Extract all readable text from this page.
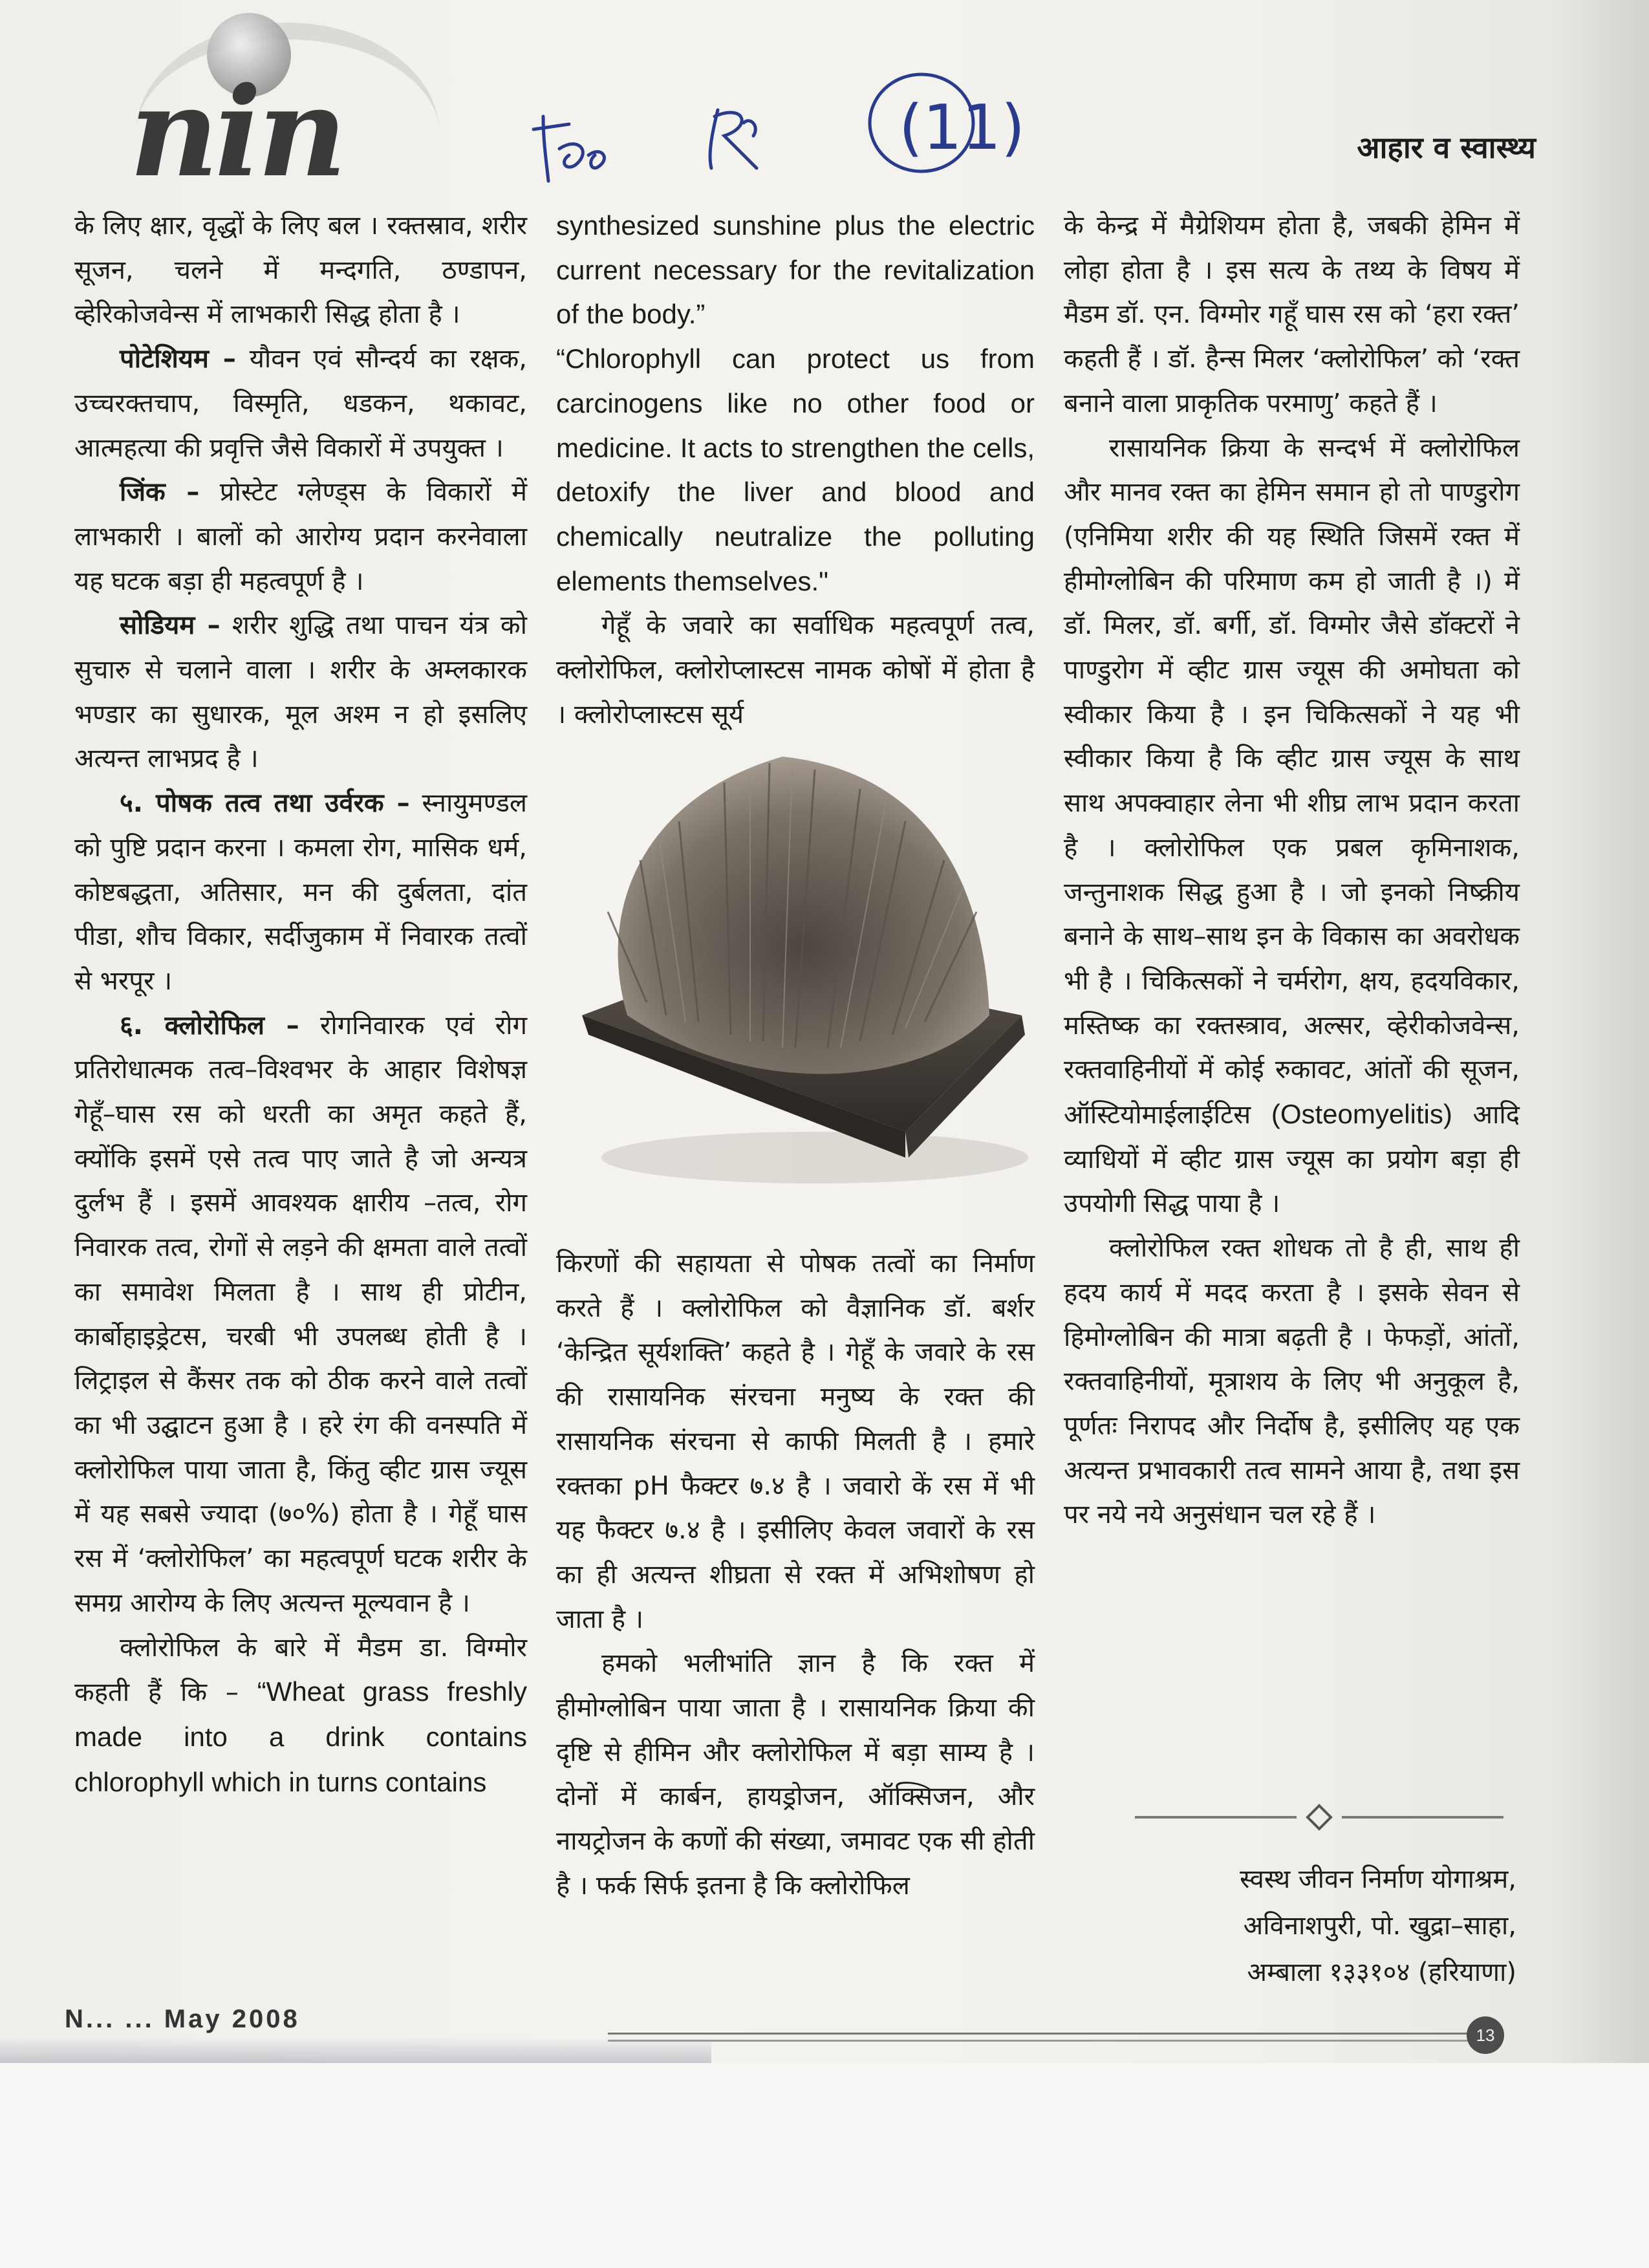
nin	(11)	आहार व स्वास्थ्य

के लिए क्षार, वृद्धों के लिए बल । रक्तस्राव, शरीर सूजन, चलने में मन्दगति, ठण्डापन, व्हेरिकोजवेन्स में लाभकारी सिद्ध होता है ।

पोटेशियम – यौवन एवं सौन्दर्य का रक्षक, उच्चरक्तचाप, विस्मृति, धडकन, थकावट, आत्महत्या की प्रवृत्ति जैसे विकारों में उपयुक्त ।

जिंक – प्रोस्टेट ग्लेण्ड्स के विकारों में लाभकारी । बालों को आरोग्य प्रदान करनेवाला यह घटक बड़ा ही महत्वपूर्ण है ।

सोडियम – शरीर शुद्धि तथा पाचन यंत्र को सुचारु से चलाने वाला । शरीर के अम्लकारक भण्डार का सुधारक, मूल अश्म न हो इसलिए अत्यन्त लाभप्रद है ।

५. पोषक तत्व तथा उर्वरक – स्नायुमण्डल को पुष्टि प्रदान करना । कमला रोग, मासिक धर्म, कोष्टबद्धता, अतिसार, मन की दुर्बलता, दांत पीडा, शौच विकार, सर्दीजुकाम में निवारक तत्वों से भरपूर ।

६. क्लोरोफिल – रोगनिवारक एवं रोग प्रतिरोधात्मक तत्व–विश्वभर के आहार विशेषज्ञ गेहूँ–घास रस को धरती का अमृत कहते हैं, क्योंकि इसमें एसे तत्व पाए जाते है जो अन्यत्र दुर्लभ हैं । इसमें आवश्यक क्षारीय –तत्व, रोग निवारक तत्व, रोगों से लड़ने की क्षमता वाले तत्वों का समावेश मिलता है । साथ ही प्रोटीन, कार्बोहाइड्रेटस, चरबी भी उपलब्ध होती है । लिट्राइल से कैंसर तक को ठीक करने वाले तत्वों का भी उद्घाटन हुआ है । हरे रंग की वनस्पति में क्लोरोफिल पाया जाता है, किंतु व्हीट ग्रास ज्यूस में यह सबसे ज्यादा (७०%) होता है । गेहूँ घास रस में ‘क्लोरोफिल’ का महत्वपूर्ण घटक शरीर के समग्र आरोग्य के लिए अत्यन्त मूल्यवान है ।

क्लोरोफिल के बारे में मैडम डा. विग्मोर कहती हैं कि – “Wheat grass freshly made into a drink contains chlorophyll which in turns contains

synthesized sunshine plus the electric current necessary for the revitalization of the body.”

“Chlorophyll can protect us from carcinogens like no other food or medicine. It acts to strengthen the cells, detoxify the liver and blood and chemically neutralize the polluting elements themselves."

गेहूँ के जवारे का सर्वाधिक महत्वपूर्ण तत्व, क्लोरोफिल, क्लोरोप्लास्टस नामक कोषों में होता है । क्लोरोप्लास्टस सूर्य

किरणों की सहायता से पोषक तत्वों का निर्माण करते हैं । क्लोरोफिल को वैज्ञानिक डॉ. बर्शर ‘केन्द्रित सूर्यशक्ति’ कहते है । गेहूँ के जवारे के रस की रासायनिक संरचना मनुष्य के रक्त की रासायनिक संरचना से काफी मिलती है । हमारे रक्तका pH फैक्टर ७.४ है । जवारो कें रस में भी यह फैक्टर ७.४ है । इसीलिए केवल जवारों के रस का ही अत्यन्त शीघ्रता से रक्त में अभिशोषण हो जाता है ।

हमको भलीभांति ज्ञान है कि रक्त में हीमोग्लोबिन पाया जाता है । रासायनिक क्रिया की दृष्टि से हीमिन और क्लोरोफिल में बड़ा साम्य है । दोनों में कार्बन, हायड्रोजन, ऑक्सिजन, और नायट्रोजन के कणों की संख्या, जमावट एक सी होती है । फर्क सिर्फ इतना है कि क्लोरोफिल

के केन्द्र में मैग्रेशियम होता है, जबकी हेमिन में लोहा होता है । इस सत्य के तथ्य के विषय में मैडम डॉ. एन. विग्मोर गहूँ घास रस को ‘हरा रक्त’ कहती हैं । डॉ. हैन्स मिलर ‘क्लोरोफिल’ को ‘रक्त बनाने वाला प्राकृतिक परमाणु’ कहते हैं ।

रासायनिक क्रिया के सन्दर्भ में क्लोरोफिल और मानव रक्त का हेमिन समान हो तो पाण्डुरोग (एनिमिया शरीर की यह स्थिति जिसमें रक्त में हीमोग्लोबिन की परिमाण कम हो जाती है ।) में डॉ. मिलर, डॉ. बर्गी, डॉ. विग्मोर जैसे डॉक्टरों ने पाण्डुरोग में व्हीट ग्रास ज्यूस की अमोघता को स्वीकार किया है । इन चिकित्सकों ने यह भी स्वीकार किया है कि व्हीट ग्रास ज्यूस के साथ साथ अपक्वाहार लेना भी शीघ्र लाभ प्रदान करता है । क्लोरोफिल एक प्रबल कृमिनाशक, जन्तुनाशक सिद्ध हुआ है । जो इनको निष्क्रीय बनाने के साथ–साथ इन के विकास का अवरोधक भी है । चिकित्सकों ने चर्मरोग, क्षय, हदयविकार, मस्तिष्क का रक्तस्त्राव, अल्सर, व्हेरीकोजवेन्स, रक्तवाहिनीयों में कोई रुकावट, आंतों की सूजन, ऑस्टियोमाईलाईटिस (Osteomyelitis) आदि व्याधियों में व्हीट ग्रास ज्यूस का प्रयोग बड़ा ही उपयोगी सिद्ध पाया है ।

क्लोरोफिल रक्त शोधक तो है ही, साथ ही हदय कार्य में मदद करता है । इसके सेवन से हिमोग्लोबिन की मात्रा बढ़ती है । फेफड़ों, आंतों, रक्तवाहिनीयों, मूत्राशय के लिए भी अनुकूल है, पूर्णतः निरापद और निर्दोष है, इसीलिए यह एक अत्यन्त प्रभावकारी तत्व सामने आया है, तथा इस पर नये नये अनुसंधान चल रहे हैं ।

स्वस्थ जीवन निर्माण योगाश्रम,
अविनाशपुरी, पो. खुद्रा–साहा,
अम्बाला १३३१०४ (हरियाणा)
N... ... May 2008
13
